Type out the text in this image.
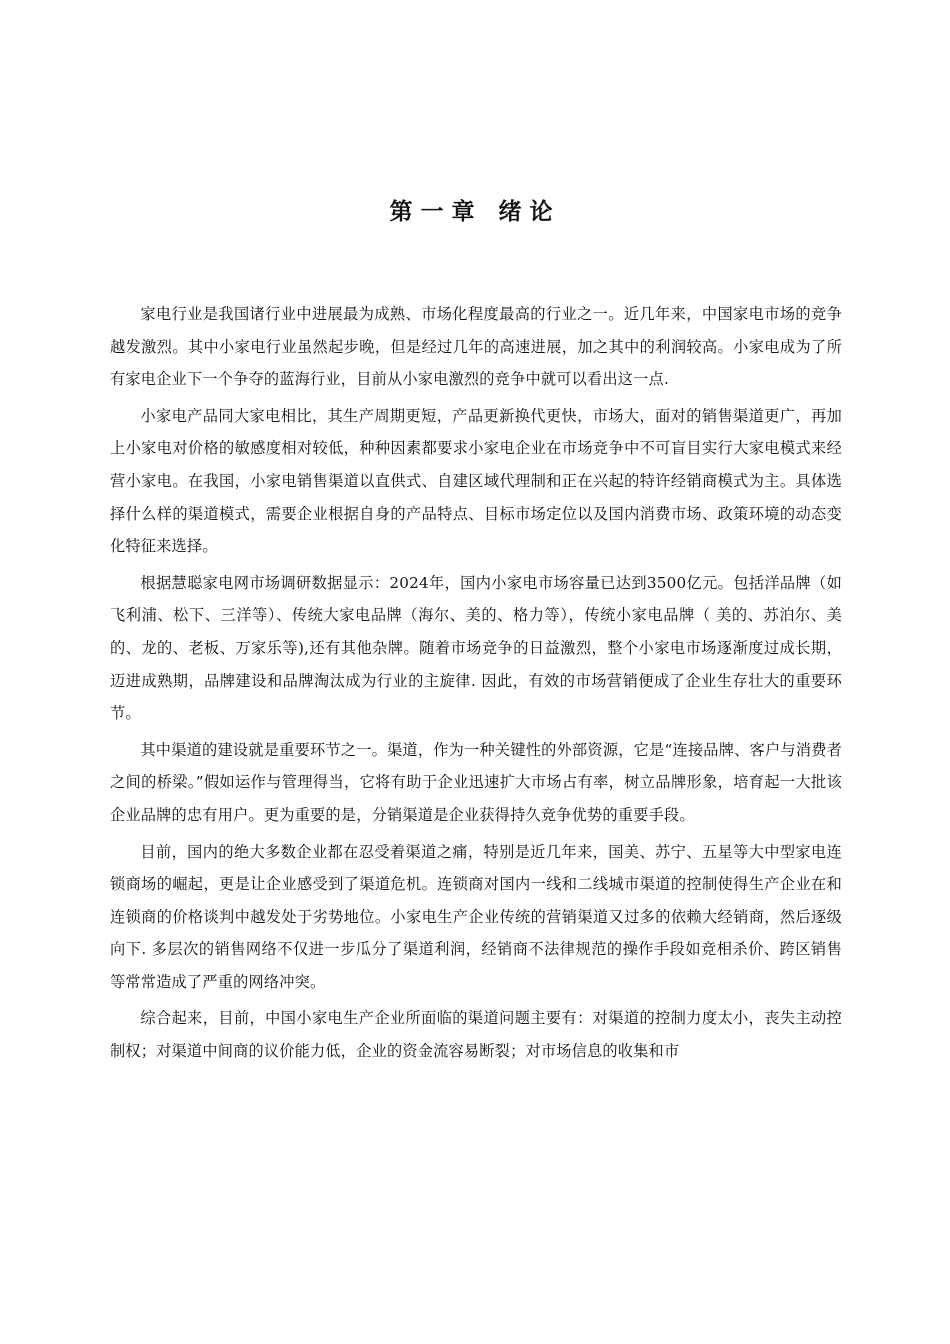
第一章 绪论

家电行业是我国诸行业中进展最为成熟、市场化程度最高的行业之一。近几年来，中国家电市场的竞争越发激烈。其中小家电行业虽然起步晚，但是经过几年的高速进展，加之其中的利润较高。小家电成为了所有家电企业下一个争夺的蓝海行业，目前从小家电激烈的竞争中就可以看出这一点.

小家电产品同大家电相比，其生产周期更短，产品更新换代更快，市场大，面对的销售渠道更广，再加上小家电对价格的敏感度相对较低，种种因素都要求小家电企业在市场竞争中不可盲目实行大家电模式来经营小家电。在我国，小家电销售渠道以直供式、自建区域代理制和正在兴起的特许经销商模式为主。具体选择什么样的渠道模式，需要企业根据自身的产品特点、目标市场定位以及国内消费市场、政策环境的动态变化特征来选择。

根据慧聪家电网市场调研数据显示：2024年，国内小家电市场容量已达到3500亿元。包括洋品牌（如飞利浦、松下、三洋等）、传统大家电品牌（海尔、美的、格力等），传统小家电品牌（ 美的、苏泊尔、美的、龙的、老板、万家乐等),还有其他杂牌。随着市场竞争的日益激烈，整个小家电市场逐渐度过成长期，迈进成熟期，品牌建设和品牌淘汰成为行业的主旋律. 因此，有效的市场营销便成了企业生存壮大的重要环节。

其中渠道的建设就是重要环节之一。渠道，作为一种关键性的外部资源，它是“连接品牌、客户与消费者之间的桥梁。”假如运作与管理得当，它将有助于企业迅速扩大市场占有率，树立品牌形象，培育起一大批该企业品牌的忠有用户。更为重要的是，分销渠道是企业获得持久竞争优势的重要手段。

目前，国内的绝大多数企业都在忍受着渠道之痛，特别是近几年来，国美、苏宁、五星等大中型家电连锁商场的崛起，更是让企业感受到了渠道危机。连锁商对国内一线和二线城市渠道的控制使得生产企业在和连锁商的价格谈判中越发处于劣势地位。小家电生产企业传统的营销渠道又过多的依赖大经销商，然后逐级向下. 多层次的销售网络不仅进一步瓜分了渠道利润，经销商不法律规范的操作手段如竞相杀价、跨区销售等常常造成了严重的网络冲突。

综合起来，目前，中国小家电生产企业所面临的渠道问题主要有：对渠道的控制力度太小，丧失主动控制权；对渠道中间商的议价能力低，企业的资金流容易断裂；对市场信息的收集和市
